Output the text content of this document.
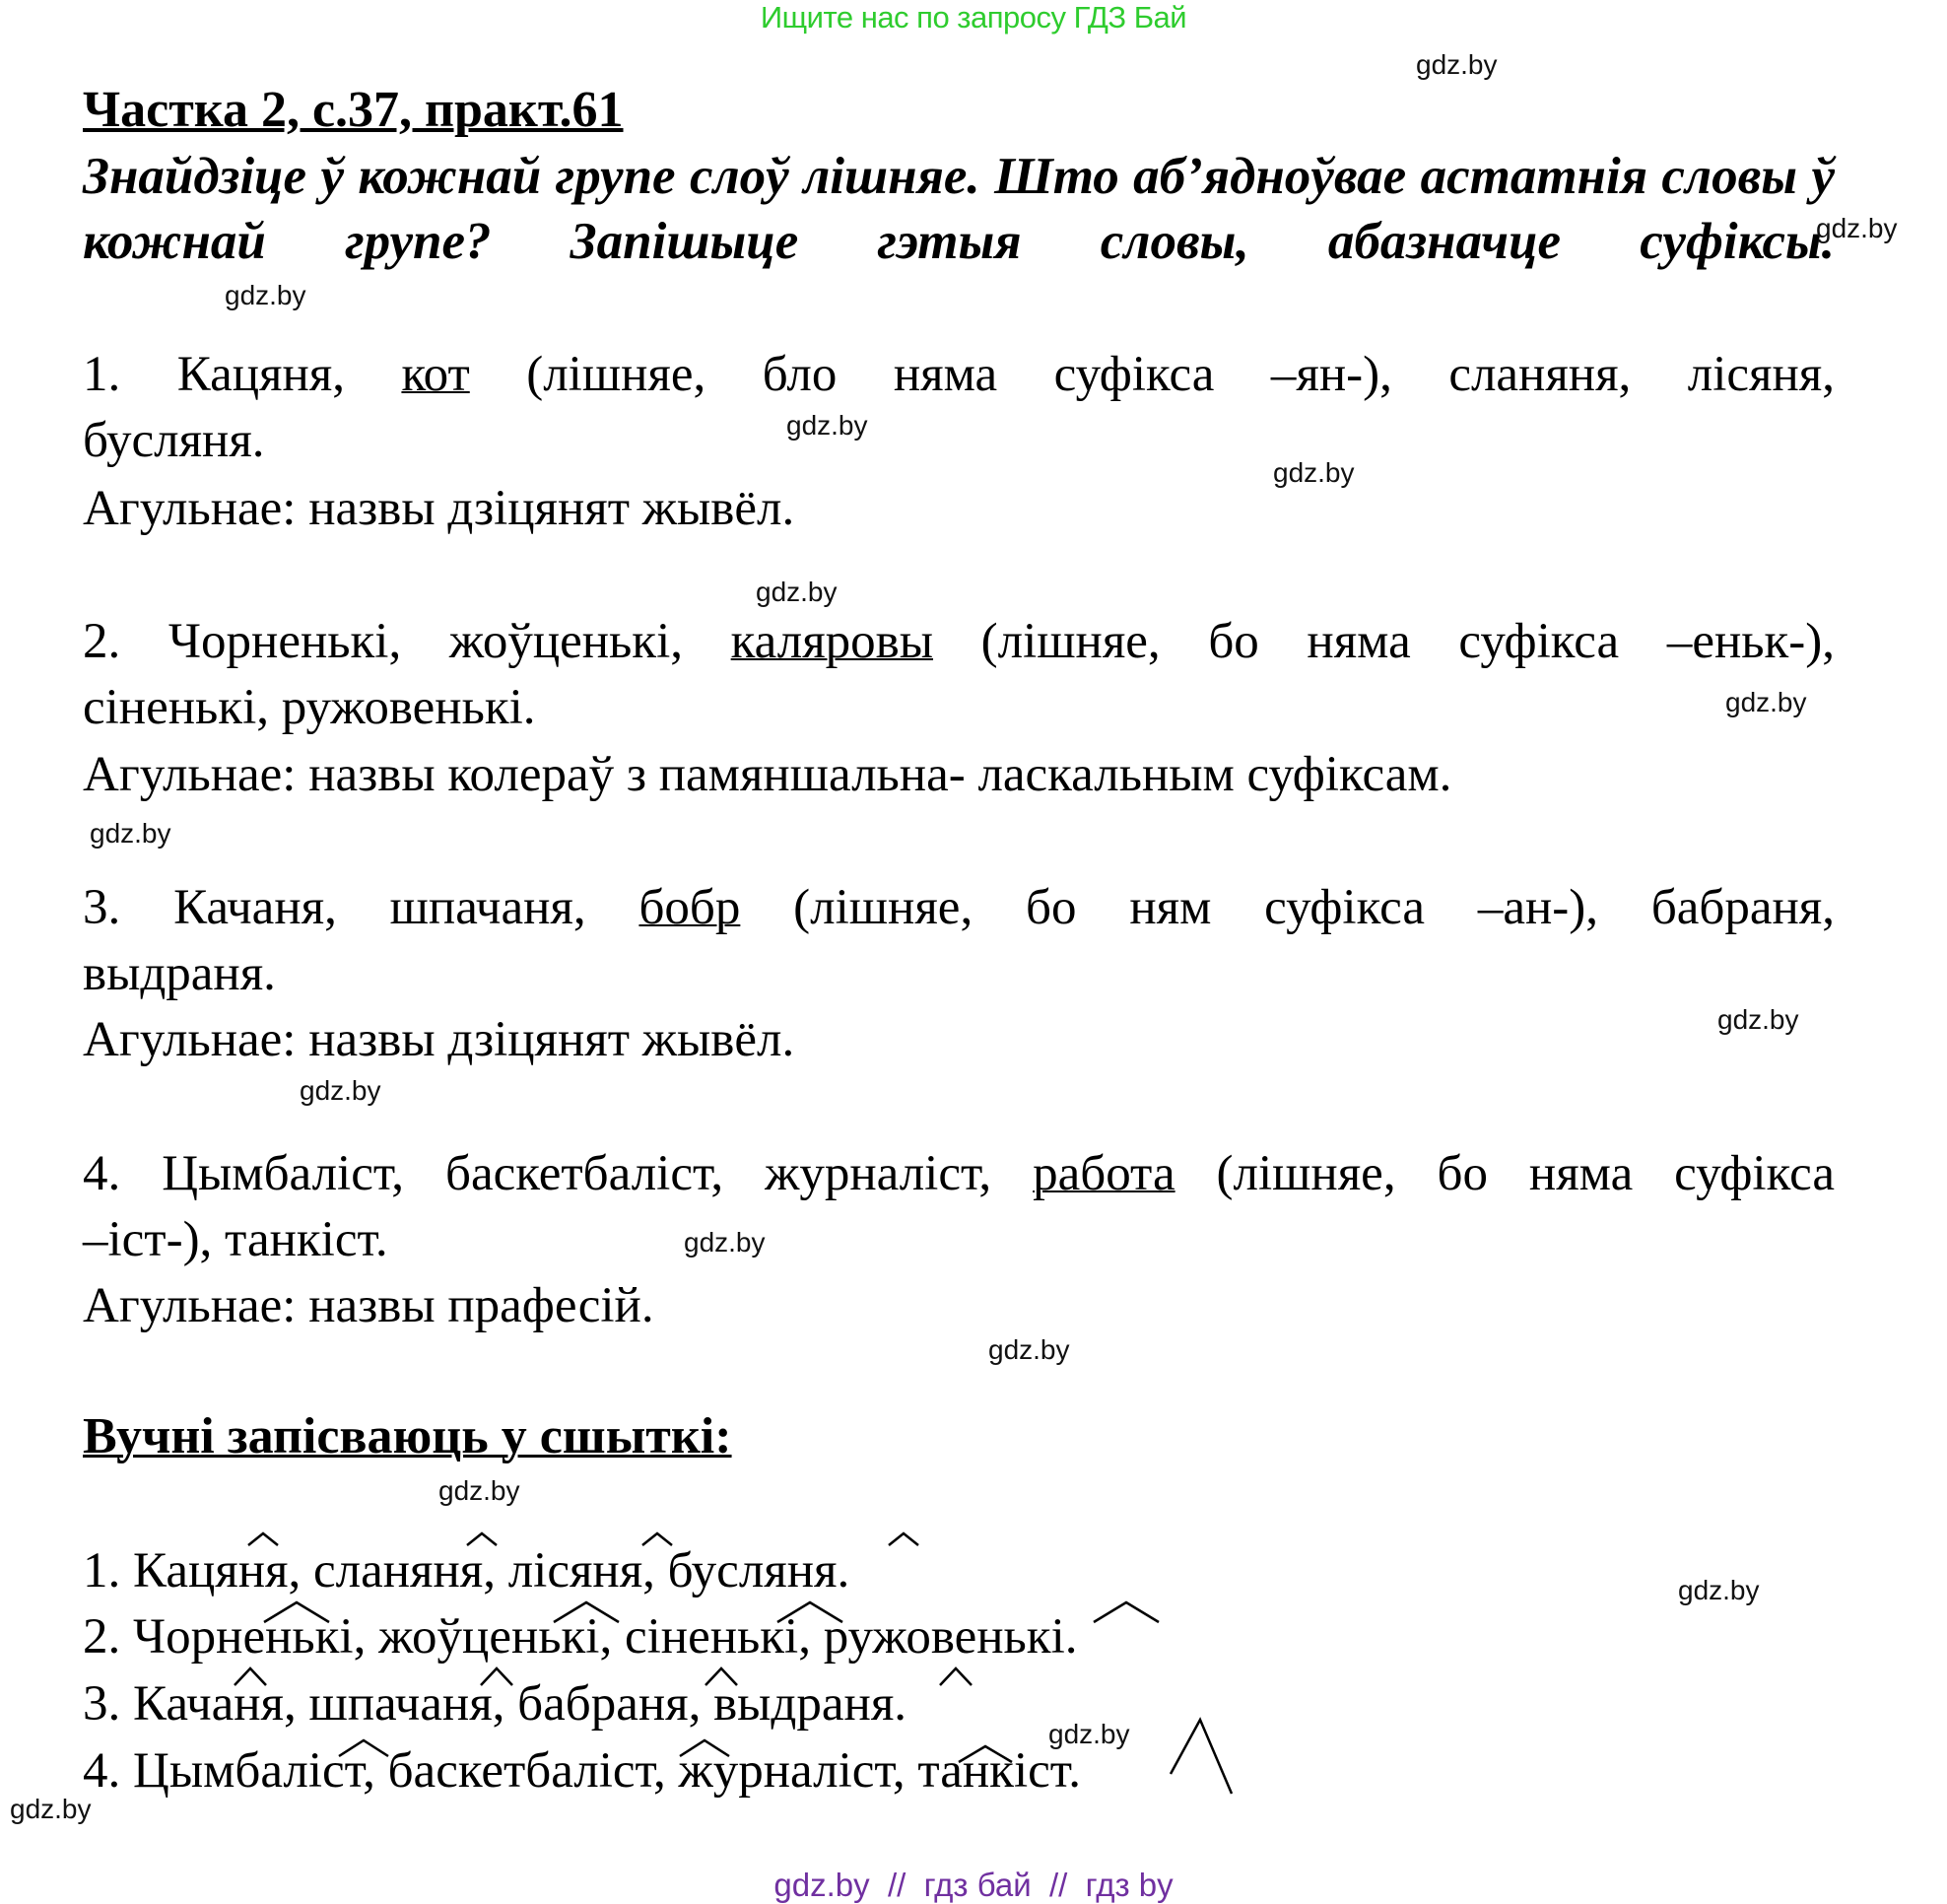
Ищите нас по запросу ГДЗ Бай
Частка 2, с.37, практ.61
Знайдзіце ў кожнай групе слоў лішняе. Што аб’ядноўвае астатнія словы ў кожнай групе? Запішыце гэтыя словы, абазначце суфіксы.
1. Кацяня, кот (лішняе, бло няма суфікса –ян-), сланяня, лісяня,
бусляня.
Агульнае: назвы дзіцянят жывёл.
2. Чорненькі, жоўценькі, каляровы (лішняе, бо няма суфікса –еньк-),
сіненькі, ружовенькі.
Агульнае: назвы колераў з памяншальна- ласкальным суфіксам.
3. Качаня, шпачаня, бобр (лішняе, бо ням суфікса –ан-), бабраня,
выдраня.
Агульнае: назвы дзіцянят жывёл.
4. Цымбаліст, баскетбаліст, журналіст, работа (лішняе, бо няма суфікса
–іст-), танкіст.
Агульнае: назвы прафесій.
Вучні запісваюць у сшыткі:
1. Кацяня, сланяня, лісяня, бусляня.
2. Чорненькі, жоўценькі, сіненькі, ружовенькі.
3. Качаня, шпачаня, бабраня, выдраня.
4. Цымбаліст, баскетбаліст, журналіст, танкіст.
gdz.by
gdz.by
gdz.by
gdz.by
gdz.by
gdz.by
gdz.by
gdz.by
gdz.by
gdz.by
gdz.by
gdz.by
gdz.by
gdz.by
gdz.by
gdz.by
gdz.by  //  гдз бай  //  гдз by
